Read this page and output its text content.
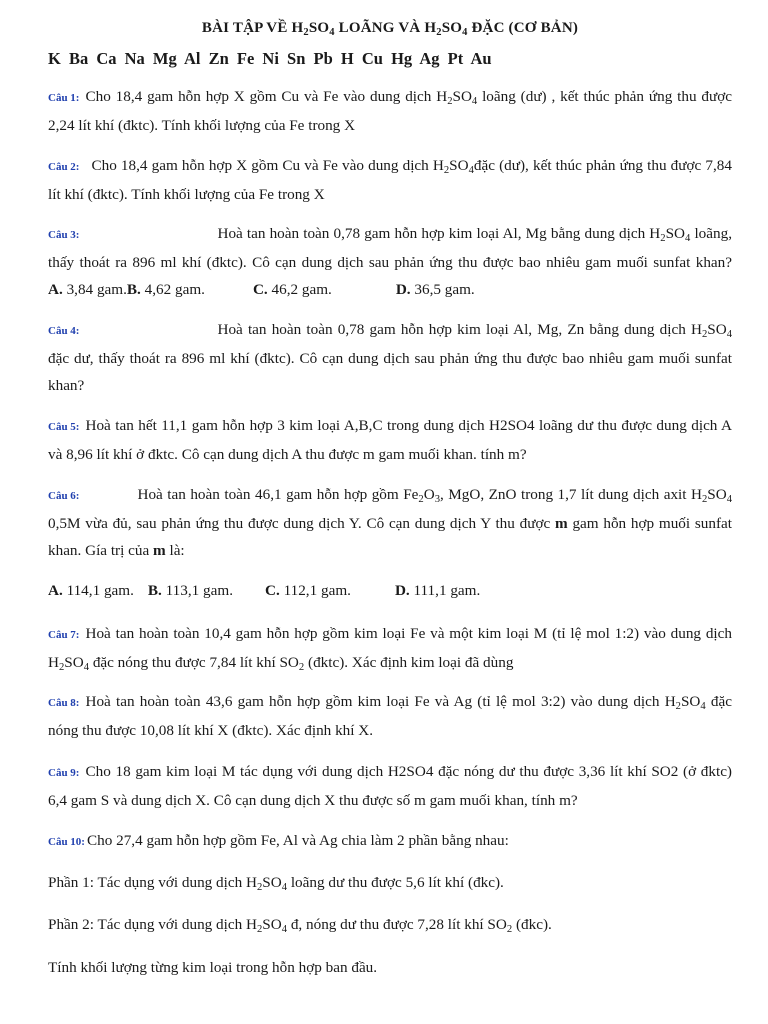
BÀI TẬP VỀ $H_2SO_4$ LOÃNG VÀ $H_2SO_4$ ĐẶC (CƠ BẢN)
K Ba Ca Na Mg Al Zn Fe Ni Sn Pb H Cu Hg Ag Pt Au
Câu 1: Cho 18,4 gam hỗn hợp X gồm Cu và Fe vào dung dịch $H_2SO_4$ loãng (dư) , kết thúc phản ứng thu được 2,24 lít khí (đktc). Tính khối lượng của Fe trong X
Câu 2: Cho 18,4 gam hỗn hợp X gồm Cu và Fe vào dung dịch $H_2SO_4đặc$ (dư), kết thúc phản ứng thu được 7,84 lít khí (đktc). Tính khối lượng của Fe trong X
Câu 3:	Hoà tan hoàn toàn 0,78 gam hỗn hợp kim loại Al, Mg bằng dung dịch $H_2SO_4$ loãng, thấy thoát ra 896 ml khí (đktc). Cô cạn dung dịch sau phản ứng thu được bao nhiêu gam muối sunfat khan?A. 3,84 gam.B. 4,62 gam.	C. 46,2 gam.	D. 36,5 gam.
Câu 4:	Hoà tan hoàn toàn 0,78 gam hỗn hợp kim loại Al, Mg, Zn bằng dung dịch $H_2SO_4$ đặc dư, thấy thoát ra 896 ml khí (đktc). Cô cạn dung dịch sau phản ứng thu được bao nhiêu gam muối sunfat khan?
Câu 5: Hoà tan hết 11,1 gam hỗn hợp 3 kim loại A,B,C trong dung dịch H2SO4 loãng dư thu được dung dịch A và 8,96 lít khí ở đktc. Cô cạn dung dịch A thu được m gam muối khan. tính m?
Câu 6:	Hoà tan hoàn toàn 46,1 gam hỗn hợp gồm $Fe_2O_3$, MgO, ZnO trong 1,7 lít dung dịch axit $H_2SO_4$ 0,5M vừa đủ, sau phản ứng thu được dung dịch Y. Cô cạn dung dịch Y thu được m gam hỗn hợp muối sunfat khan. Gía trị của m là:
A. 114,1 gam. B. 113,1 gam. C. 112,1 gam.	D. 111,1 gam.
Câu 7: Hoà tan hoàn toàn 10,4 gam hỗn hợp gồm kim loại Fe và một kim loại M (tỉ lệ mol 1:2) vào dung dịch $H_2SO_4$ đặc nóng thu được 7,84 lít khí $SO_2$ (đktc). Xác định kim loại đã dùng
Câu 8: Hoà tan hoàn toàn 43,6 gam hỗn hợp gồm kim loại Fe và Ag (tỉ lệ mol 3:2) vào dung dịch $H_2SO_4$ đặc nóng thu được 10,08 lít khí X (đktc). Xác định khí X.
Câu 9: Cho 18 gam kim loại M tác dụng với dung dịch H2SO4 đặc nóng dư thu được 3,36 lít khí SO2 (ở đktc) 6,4 gam S và dung dịch X. Cô cạn dung dịch X thu được số m gam muối khan, tính m?
Câu 10: Cho 27,4 gam hỗn hợp gồm Fe, Al và Ag chia làm 2 phần bằng nhau:
Phần 1: Tác dụng với dung dịch $H_2SO_4$ loãng dư thu được 5,6 lít khí (đkc).
Phần 2: Tác dụng với dung dịch $H_2SO_4$ đ, nóng dư thu được 7,28 lít khí $SO_2$ (đkc).
Tính khối lượng từng kim loại trong hỗn hợp ban đầu.
